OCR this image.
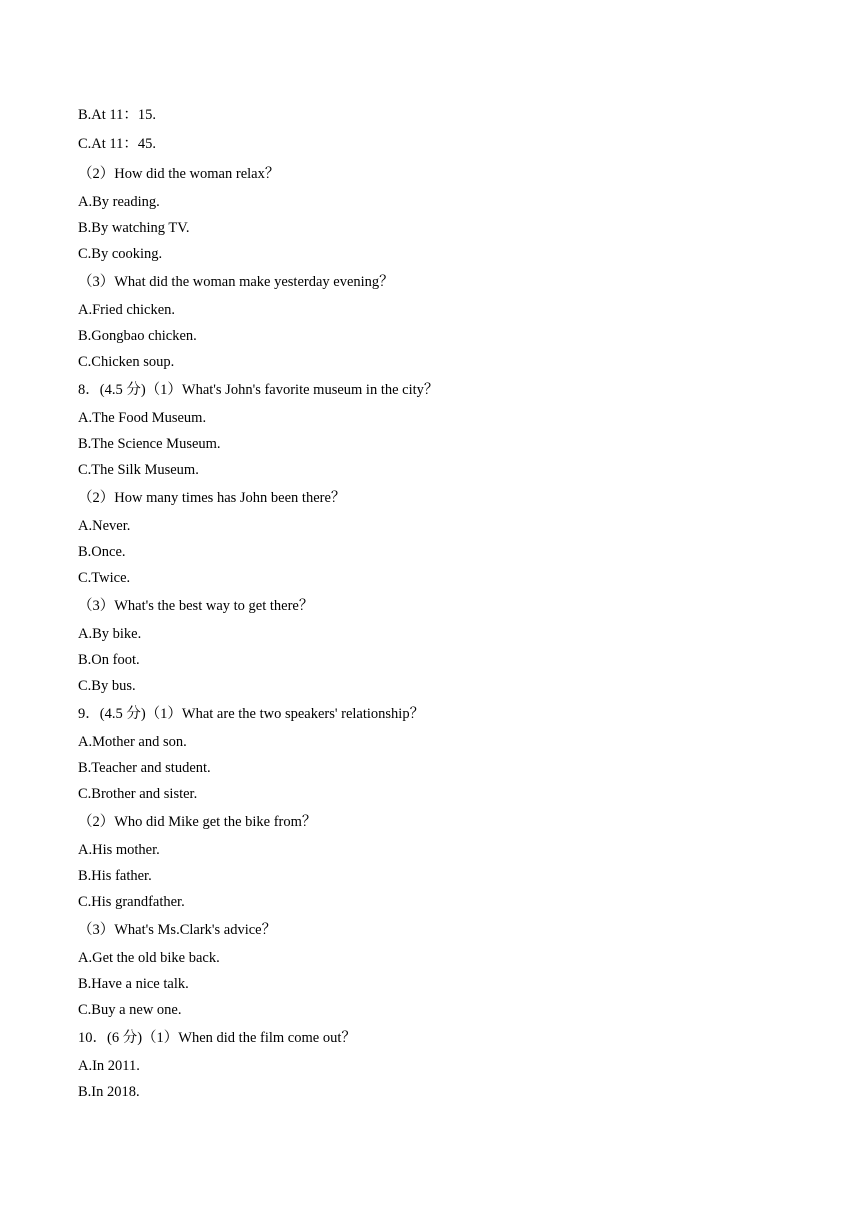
B.At 11：15.
C.At 11：45.
（2）How did the woman relax？
A.By reading.
B.By watching TV.
C.By cooking.
（3）What did the woman make yesterday evening？
A.Fried chicken.
B.Gongbao chicken.
C.Chicken soup.
8．(4.5 分)（1）What's John's favorite museum in the city？
A.The Food Museum.
B.The Science Museum.
C.The Silk Museum.
（2）How many times has John been there？
A.Never.
B.Once.
C.Twice.
（3）What's the best way to get there？
A.By bike.
B.On foot.
C.By bus.
9．(4.5 分)（1）What are the two speakers' relationship？
A.Mother and son.
B.Teacher and student.
C.Brother and sister.
（2）Who did Mike get the bike from？
A.His mother.
B.His father.
C.His grandfather.
（3）What's Ms.Clark's advice？
A.Get the old bike back.
B.Have a nice talk.
C.Buy a new one.
10．(6 分)（1）When did the film come out？
A.In 2011.
B.In 2018.
